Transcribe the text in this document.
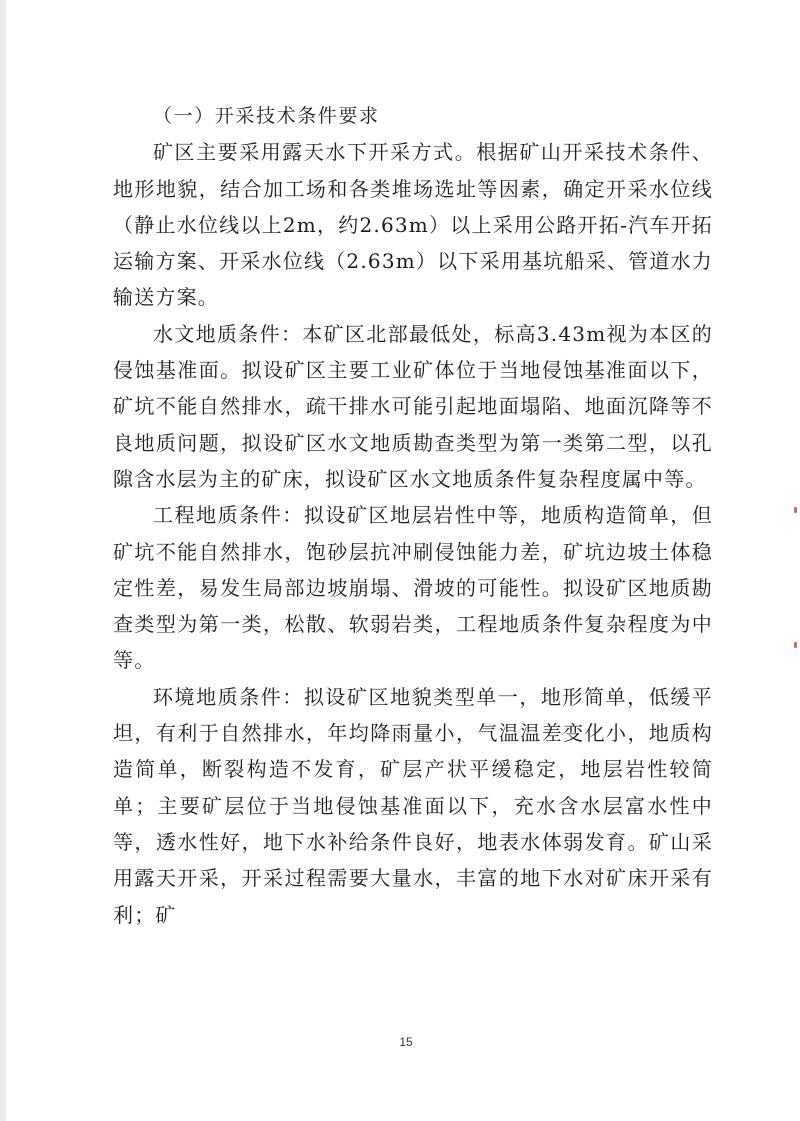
（一）开采技术条件要求

矿区主要采用露天水下开采方式。根据矿山开采技术条件、地形地貌，结合加工场和各类堆场选址等因素，确定开采水位线（静止水位线以上2m，约2.63m）以上采用公路开拓-汽车开拓运输方案、开采水位线（2.63m）以下采用基坑船采、管道水力输送方案。

水文地质条件：本矿区北部最低处，标高3.43m视为本区的侵蚀基准面。拟设矿区主要工业矿体位于当地侵蚀基准面以下，矿坑不能自然排水，疏干排水可能引起地面塌陷、地面沉降等不良地质问题，拟设矿区水文地质勘查类型为第一类第二型，以孔隙含水层为主的矿床，拟设矿区水文地质条件复杂程度属中等。

工程地质条件：拟设矿区地层岩性中等，地质构造简单，但矿坑不能自然排水，饱砂层抗冲刷侵蚀能力差，矿坑边坡土体稳定性差，易发生局部边坡崩塌、滑坡的可能性。拟设矿区地质勘查类型为第一类，松散、软弱岩类，工程地质条件复杂程度为中等。

环境地质条件：拟设矿区地貌类型单一，地形简单，低缓平坦，有利于自然排水，年均降雨量小，气温温差变化小，地质构造简单，断裂构造不发育，矿层产状平缓稳定，地层岩性较简单；主要矿层位于当地侵蚀基准面以下，充水含水层富水性中等，透水性好，地下水补给条件良好，地表水体弱发育。矿山采用露天开采，开采过程需要大量水，丰富的地下水对矿床开采有利；矿

15
